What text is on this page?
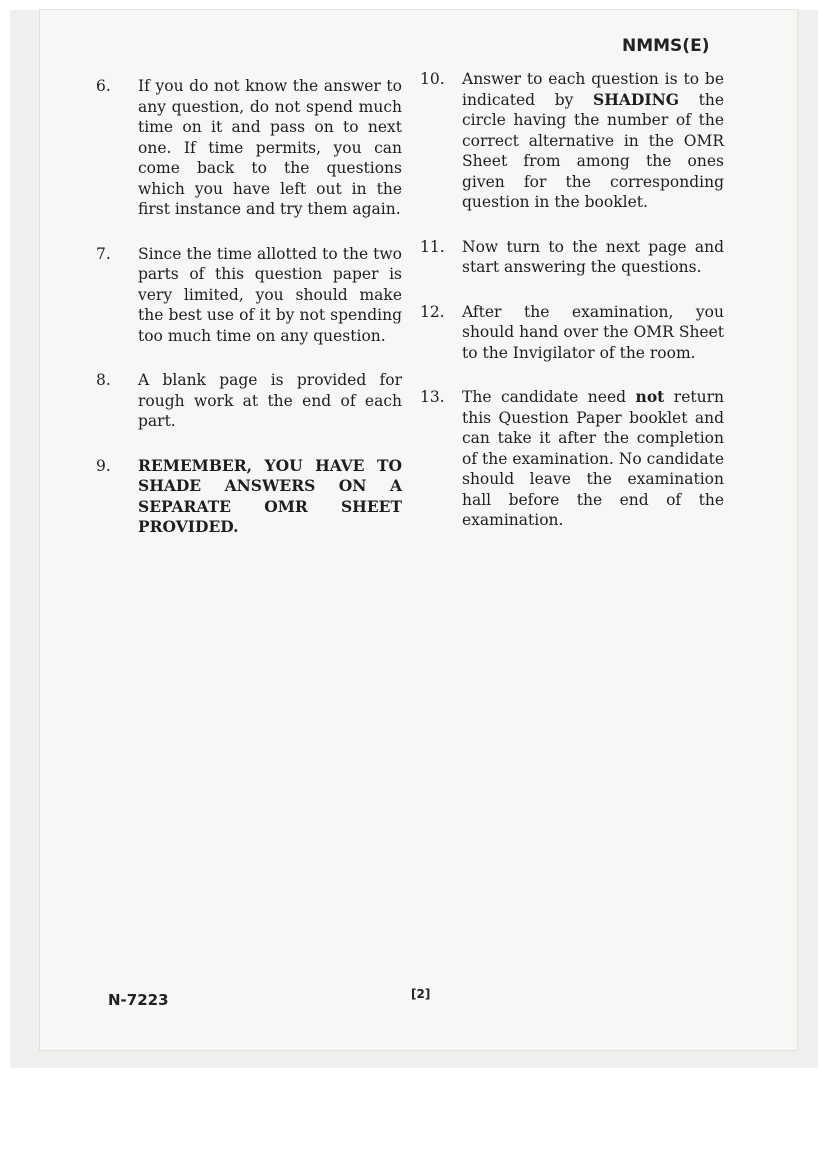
NMMS(E)
6. If you do not know the answer to any question, do not spend much time on it and pass on to next one. If time permits, you can come back to the questions which you have left out in the first instance and try them again.
7. Since the time allotted to the two parts of this question paper is very limited, you should make the best use of it by not spending too much time on any question.
8. A blank page is provided for rough work at the end of each part.
9. REMEMBER, YOU HAVE TO SHADE ANSWERS ON A SEPARATE OMR SHEET PROVIDED.
10. Answer to each question is to be indicated by SHADING the circle having the number of the correct alternative in the OMR Sheet from among the ones given for the corresponding question in the booklet.
11. Now turn to the next page and start answering the questions.
12. After the examination, you should hand over the OMR Sheet to the Invigilator of the room.
13. The candidate need not return this Question Paper booklet and can take it after the completion of the examination. No candidate should leave the examination hall before the end of the examination.
N-7223	[2]
